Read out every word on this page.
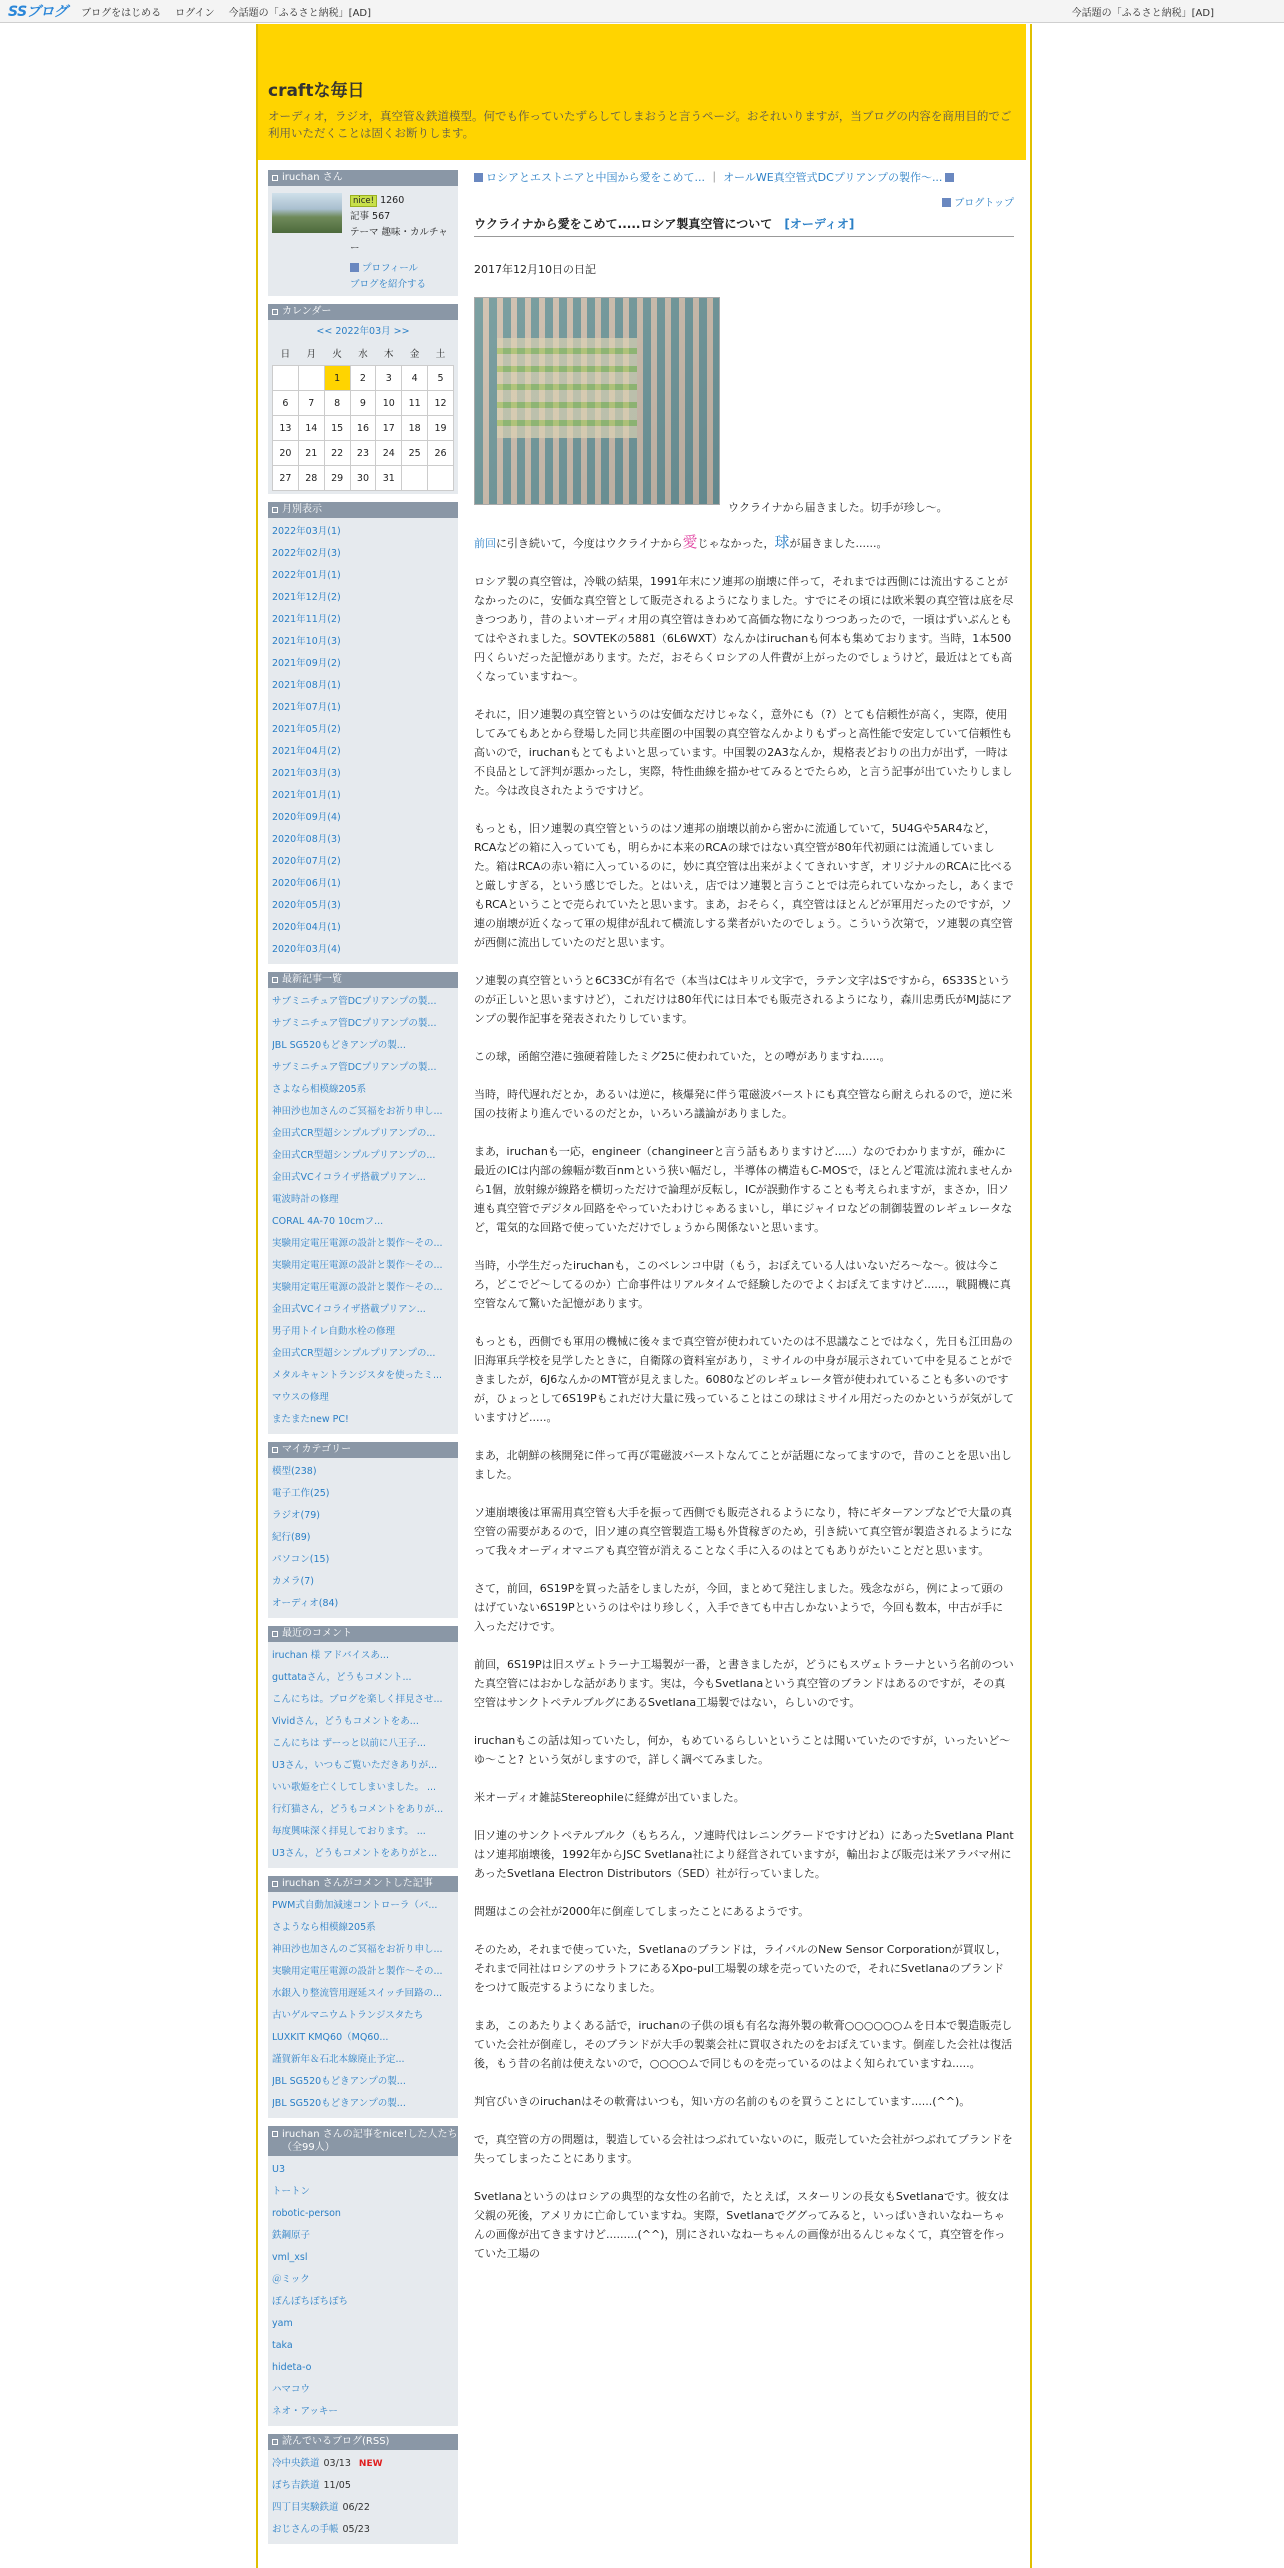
SSブログ ブログをはじめる ログイン 今話題の「ふるさと納税」[AD]	今話題の「ふるさと納税」[AD]
craftな毎日
オーディオ，ラジオ，真空管＆鉄道模型。何でも作っていたずらしてしまおうと言うページ。おそれいりますが，当ブログの内容を商用目的でご利用いただくことは固くお断りします。
iruchan さん
nice! 1260
記事 567
テーマ 趣味・カルチャー
プロフィール
ブログを紹介する
カレンダー
<< 2022年03月 >>
日	月	火	水	木	金	土
		1	2	3	4	5
6	7	8	9	10	11	12
13	14	15	16	17	18	19
20	21	22	23	24	25	26
27	28	29	30	31		
月別表示
2022年03月(1)
2022年02月(3)
2022年01月(1)
2021年12月(2)
2021年11月(2)
2021年10月(3)
2021年09月(2)
2021年08月(1)
2021年07月(1)
2021年05月(2)
2021年04月(2)
2021年03月(3)
2021年01月(1)
2020年09月(4)
2020年08月(3)
2020年07月(2)
2020年06月(1)
2020年05月(3)
2020年04月(1)
2020年03月(4)
最新記事一覧
サブミニチュア管DCプリアンプの製...
サブミニチュア管DCプリアンプの製...
JBL SG520もどきアンプの製...
サブミニチュア管DCプリアンプの製...
さよなら相模線205系
神田沙也加さんのご冥福をお祈り申し...
金田式CR型超シンプルプリアンプの...
金田式CR型超シンプルプリアンプの...
金田式VCイコライザ搭載プリアン...
電波時計の修理
CORAL 4A-70 10cmフ...
実験用定電圧電源の設計と製作～その...
実験用定電圧電源の設計と製作～その...
実験用定電圧電源の設計と製作～その...
金田式VCイコライザ搭載プリアン...
男子用トイレ自動水栓の修理
金田式CR型超シンプルプリアンプの...
メタルキャントランジスタを使ったミ...
マウスの修理
またまたnew PC!
マイカテゴリー
模型(238)
電子工作(25)
ラジオ(79)
紀行(89)
パソコン(15)
カメラ(7)
オーディオ(84)
最近のコメント
iruchan 様 アドバイスあ...
guttataさん，どうもコメント...
こんにちは。ブログを楽しく拝見させ...
Vividさん，どうもコメントをあ...
こんにちは ずーっと以前に八王子...
U3さん，いつもご覧いただきありが...
いい歌姫を亡くしてしまいました。 ...
行灯猫さん，どうもコメントをありが...
毎度興味深く拝見しております。 ...
U3さん，どうもコメントをありがと...
iruchan さんがコメントした記事
PWM式自動加減速コントローラ（バ...
さようなら相模線205系
神田沙也加さんのご冥福をお祈り申し...
実験用定電圧電源の設計と製作～その...
水銀入り整流管用遅延スイッチ回路の...
古いゲルマニウムトランジスタたち
LUXKIT KMQ60（MQ60...
謹賀新年＆石北本線廃止予定...
JBL SG520もどきアンプの製...
JBL SG520もどきアンプの製...
iruchan さんの記事をnice!した人たち（全99人）
U3
トートン
robotic-person
鉄鋼原子
vml_xsl
＠ミック
ぽんぽちぽちぽち
yam
taka
hideta-o
ハマコウ
ネオ・アッキー
読んでいるブログ(RSS)
冷中央鉄道 03/13 NEW
ぼち吉鉄道 11/05
四丁目実験鉄道 06/22
おじさんの手帳 05/23
ロシアとエストニアと中国から愛をこめて... ｜ オールWE真空管式DCプリアンプの製作～...
ブログトップ
ウクライナから愛をこめて.....ロシア製真空管について [オーディオ]
2017年12月10日の日記
ウクライナから届きました。切手が珍し～。

前回に引き続いて，今度はウクライナから愛じゃなかった，球が届きました......。

ロシア製の真空管は，冷戦の結果，1991年末にソ連邦の崩壊に伴って，それまでは西側には流出することがなかったのに，安価な真空管として販売されるようになりました。すでにその頃には欧米製の真空管は底を尽きつつあり，昔のよいオーディオ用の真空管はきわめて高価な物になりつつあったので，一頃はずいぶんともてはやされました。SOVTEKの5881（6L6WXT）なんかはiruchanも何本も集めております。当時，1本500円くらいだった記憶があります。ただ，おそらくロシアの人件費が上がったのでしょうけど，最近はとても高くなっていますね～。

それに，旧ソ連製の真空管というのは安価なだけじゃなく，意外にも（?）とても信頼性が高く，実際，使用してみてもあとから登場した同じ共産圏の中国製の真空管なんかよりもずっと高性能で安定していて信頼性も高いので，iruchanもとてもよいと思っています。中国製の2A3なんか，規格表どおりの出力が出ず，一時は不良品として評判が悪かったし，実際，特性曲線を描かせてみるとでたらめ，と言う記事が出ていたりしました。今は改良されたようですけど。

もっとも，旧ソ連製の真空管というのはソ連邦の崩壊以前から密かに流通していて，5U4Gや5AR4など，RCAなどの箱に入っていても，明らかに本来のRCAの球ではない真空管が80年代初頭には流通していました。箱はRCAの赤い箱に入っているのに，妙に真空管は出来がよくてきれいすぎ，オリジナルのRCAに比べると厳しすぎる，という感じでした。とはいえ，店ではソ連製と言うことでは売られていなかったし，あくまでもRCAということで売られていたと思います。まあ，おそらく，真空管はほとんどが軍用だったのですが，ソ連の崩壊が近くなって軍の規律が乱れて横流しする業者がいたのでしょう。こういう次第で，ソ連製の真空管が西側に流出していたのだと思います。

ソ連製の真空管というと6C33Cが有名で（本当はCはキリル文字で，ラテン文字はSですから，6S33Sというのが正しいと思いますけど），これだけは80年代には日本でも販売されるようになり，森川忠勇氏がMJ誌にアンプの製作記事を発表されたりしています。

この球，函館空港に強硬着陸したミグ25に使われていた，との噂がありますね.....。

当時，時代遅れだとか，あるいは逆に，核爆発に伴う電磁波バーストにも真空管なら耐えられるので，逆に米国の技術より進んでいるのだとか，いろいろ議論がありました。

まあ，iruchanも一応，engineer（changineerと言う話もありますけど.....）なのでわかりますが，確かに最近のICは内部の線幅が数百nmという狭い幅だし，半導体の構造もC-MOSで，ほとんど電流は流れませんから1個，放射線が線路を横切っただけで論理が反転し，ICが誤動作することも考えられますが，まさか，旧ソ連も真空管でデジタル回路をやっていたわけじゃあるまいし，単にジャイロなどの制御装置のレギュレータなど，電気的な回路で使っていただけでしょうから関係ないと思います。

当時，小学生だったiruchanも，このベレンコ中尉（もう，おぼえている人はいないだろ～な～。彼は今ころ，どこでど～してるのか）亡命事件はリアルタイムで経験したのでよくおぼえてますけど......，戦闘機に真空管なんて驚いた記憶があります。

もっとも，西側でも軍用の機械に後々まで真空管が使われていたのは不思議なことではなく，先日も江田島の旧海軍兵学校を見学したときに，自衛隊の資料室があり，ミサイルの中身が展示されていて中を見ることができましたが，6J6なんかのMT管が見えました。6080などのレギュレータ管が使われていることも多いのですが，ひょっとして6S19Pもこれだけ大量に残っていることはこの球はミサイル用だったのかというが気がしていますけど.....。

まあ，北朝鮮の核開発に伴って再び電磁波バーストなんてことが話題になってますので，昔のことを思い出しました。

ソ連崩壊後は軍需用真空管も大手を振って西側でも販売されるようになり，特にギターアンプなどで大量の真空管の需要があるので，旧ソ連の真空管製造工場も外貨稼ぎのため，引き続いて真空管が製造されるようになって我々オーディオマニアも真空管が消えることなく手に入るのはとてもありがたいことだと思います。

さて，前回，6S19Pを買った話をしましたが，今回，まとめて発注しました。残念ながら，例によって頭のはげていない6S19Pというのはやはり珍しく，入手できても中古しかないようで，今回も数本，中古が手に入っただけです。

前回，6S19Pは旧スヴェトラーナ工場製が一番，と書きましたが，どうにもスヴェトラーナという名前のついた真空管にはおかしな話があります。実は，今もSvetlanaという真空管のブランドはあるのですが，その真空管はサンクトペテルブルグにあるSvetlana工場製ではない，らしいのです。

iruchanもこの話は知っていたし，何か，もめているらしいということは聞いていたのですが，いったいど～ゆ～こと? という気がしますので，詳しく調べてみました。

米オーディオ雑誌Stereophileに経緯が出ていました。

旧ソ連のサンクトペテルブルク（もちろん，ソ連時代はレニングラードですけどね）にあったSvetlana Plantはソ連邦崩壊後，1992年からJSC Svetlana社により経営されていますが，輸出および販売は米アラバマ州にあったSvetlana Electron Distributors（SED）社が行っていました。

問題はこの会社が2000年に倒産してしまったことにあるようです。

そのため，それまで使っていた，Svetlanaのブランドは，ライバルのNew Sensor Corporationが買収し，それまで同社はロシアのサラトフにあるXpo-pul工場製の球を売っていたので，それにSvetlanaのブランドをつけて販売するようになりました。

まあ，このあたりよくある話で，iruchanの子供の頃も有名な海外製の軟膏○○○○○○ムを日本で製造販売していた会社が倒産し，そのブランドが大手の製薬会社に買収されたのをおぼえています。倒産した会社は復活後，もう昔の名前は使えないので，○○○○ムで同じものを売っているのはよく知られていますね.....。

判官びいきのiruchanはその軟膏はいつも，知い方の名前のものを買うことにしています......(^^)。

で，真空管の方の問題は，製造している会社はつぶれていないのに，販売していた会社がつぶれてブランドを失ってしまったことにあります。

Svetlanaというのはロシアの典型的な女性の名前で，たとえば，スターリンの長女もSvetlanaです。彼女は父親の死後，アメリカに亡命していますね。実際，Svetlanaでググってみると，いっぱいきれいなねーちゃんの画像が出てきますけど.........(^^)，別にされいなねーちゃんの画像が出るんじゃなくて，真空管を作っていた工場の
